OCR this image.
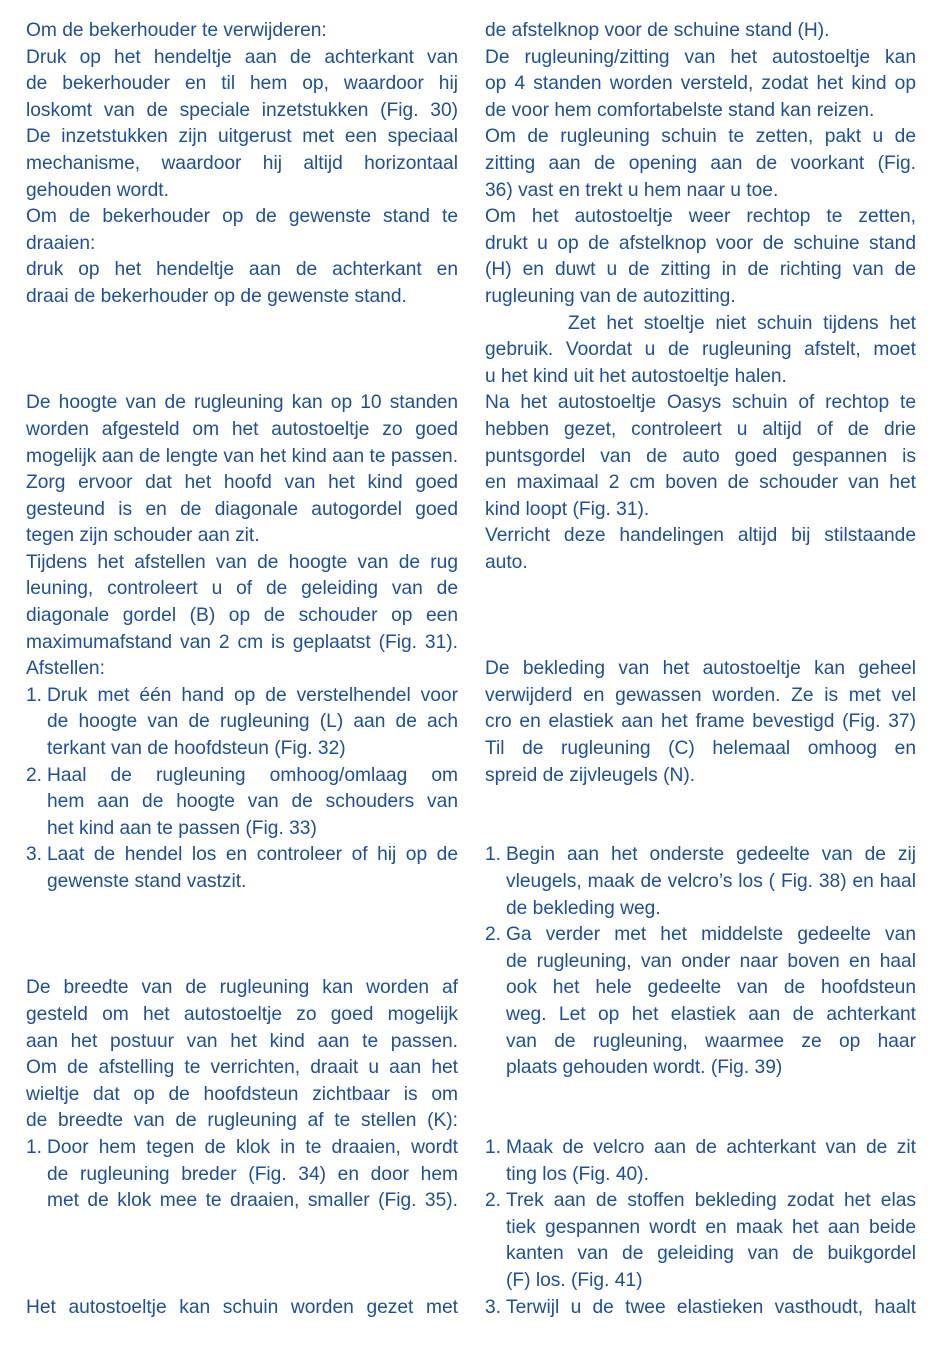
Om de bekerhouder te verwijderen:
Druk op het hendeltje aan de achterkant van
de bekerhouder en til hem op, waardoor hij
loskomt van de speciale inzetstukken (Fig. 30)
De inzetstukken zijn uitgerust met een speciaal
mechanisme, waardoor hij altijd horizontaal
gehouden wordt.
Om de bekerhouder op de gewenste stand te
draaien:
druk op het hendeltje aan de achterkant en
draai de bekerhouder op de gewenste stand.
De hoogte van de rugleuning kan op 10 standen
worden afgesteld om het autostoeltje zo goed
mogelijk aan de lengte van het kind aan te passen.
Zorg ervoor dat het hoofd van het kind goed
gesteund is en de diagonale autogordel goed
tegen zijn schouder aan zit.
Tijdens het afstellen van de hoogte van de rug
leuning, controleert u of de geleiding van de
diagonale gordel (B) op de schouder op een
maximumafstand van 2 cm is geplaatst (Fig. 31).
Afstellen:
1. Druk met één hand op de verstelhendel voor
de hoogte van de rugleuning (L) aan de ach
terkant van de hoofdsteun (Fig. 32)
2. Haal de rugleuning omhoog/omlaag om
hem aan de hoogte van de schouders van
het kind aan te passen (Fig. 33)
3. Laat de hendel los en controleer of hij op de
gewenste stand vastzit.
De breedte van de rugleuning kan worden af
gesteld om het autostoeltje zo goed mogelijk
aan het postuur van het kind aan te passen.
Om de afstelling te verrichten, draait u aan het
wieltje dat op de hoofdsteun zichtbaar is om
de breedte van de rugleuning af te stellen (K):
1. Door hem tegen de klok in te draaien, wordt
de rugleuning breder (Fig. 34) en door hem
met de klok mee te draaien, smaller (Fig. 35).
Het autostoeltje kan schuin worden gezet met
de afstelknop voor de schuine stand (H).
De rugleuning/zitting van het autostoeltje kan
op 4 standen worden versteld, zodat het kind op
de voor hem comfortabelste stand kan reizen.
Om de rugleuning schuin te zetten, pakt u de
zitting aan de opening aan de voorkant (Fig.
36) vast en trekt u hem naar u toe.
Om het autostoeltje weer rechtop te zetten,
drukt u op de afstelknop voor de schuine stand
(H) en duwt u de zitting in de richting van de
rugleuning van de autozitting.
Zet het stoeltje niet schuin tijdens het
gebruik. Voordat u de rugleuning afstelt, moet
u het kind uit het autostoeltje halen.
Na het autostoeltje Oasys schuin of rechtop te
hebben gezet, controleert u altijd of de drie
puntsgordel van de auto goed gespannen is
en maximaal 2 cm boven de schouder van het
kind loopt (Fig. 31).
Verricht deze handelingen altijd bij stilstaande
auto.
De bekleding van het autostoeltje kan geheel
verwijderd en gewassen worden. Ze is met vel
cro en elastiek aan het frame bevestigd (Fig. 37)
Til de rugleuning (C) helemaal omhoog en
spreid de zijvleugels (N).
1. Begin aan het onderste gedeelte van de zij
vleugels, maak de velcro’s los ( Fig. 38) en haal
de bekleding weg.
2. Ga verder met het middelste gedeelte van
de rugleuning, van onder naar boven en haal
ook het hele gedeelte van de hoofdsteun
weg. Let op het elastiek aan de achterkant
van de rugleuning, waarmee ze op haar
plaats gehouden wordt. (Fig. 39)
1. Maak de velcro aan de achterkant van de zit
ting los (Fig. 40).
2. Trek aan de stoffen bekleding zodat het elas
tiek gespannen wordt en maak het aan beide
kanten van de geleiding van de buikgordel
(F) los. (Fig. 41)
3. Terwijl u de twee elastieken vasthoudt, haalt
